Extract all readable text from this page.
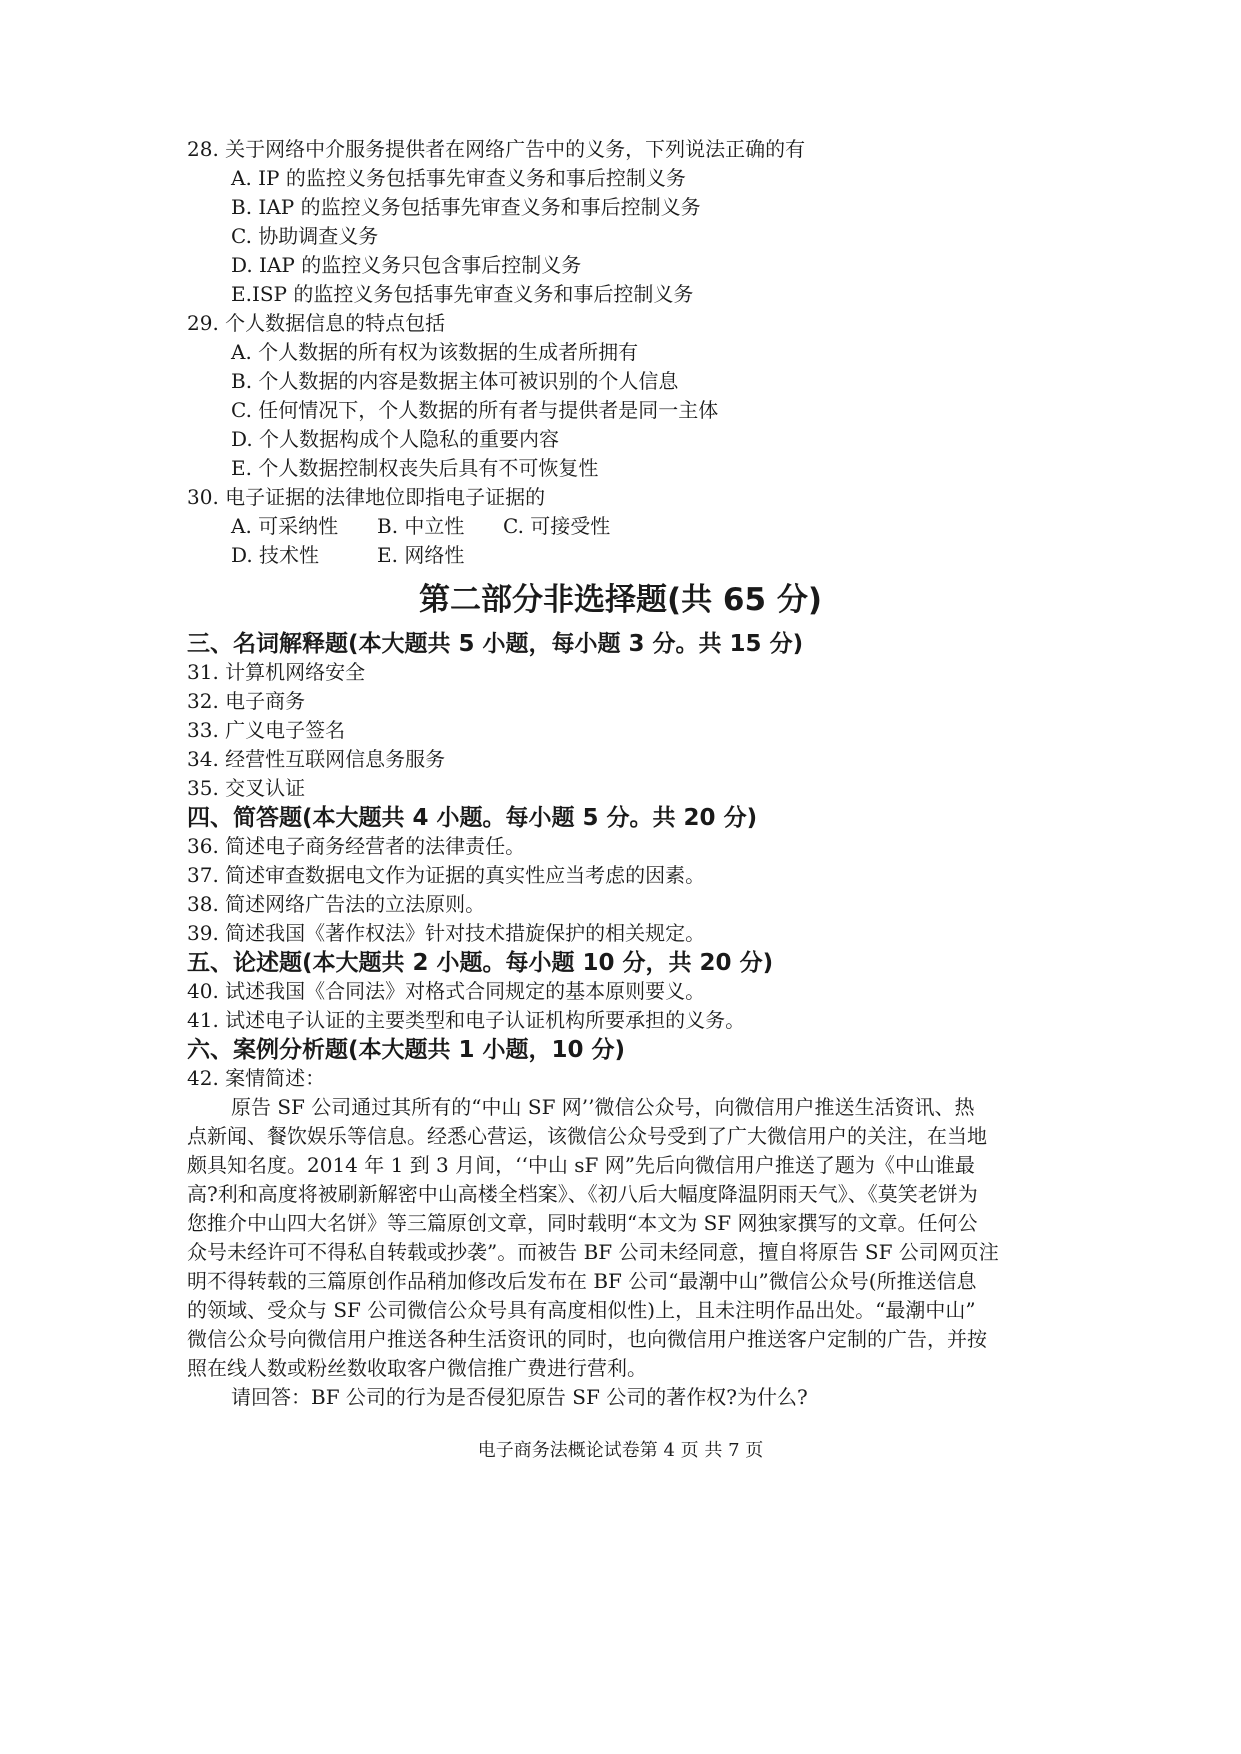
28. 关于网络中介服务提供者在网络广告中的义务，下列说法正确的有
A. IP 的监控义务包括事先审查义务和事后控制义务
B. IAP 的监控义务包括事先审查义务和事后控制义务
C. 协助调查义务
D. IAP 的监控义务只包含事后控制义务
E.ISP 的监控义务包括事先审查义务和事后控制义务
29. 个人数据信息的特点包括
A. 个人数据的所有权为该数据的生成者所拥有
B. 个人数据的内容是数据主体可被识别的个人信息
C. 任何情况下，个人数据的所有者与提供者是同一主体
D. 个人数据构成个人隐私的重要内容
E. 个人数据控制权丧失后具有不可恢复性
30. 电子证据的法律地位即指电子证据的
A. 可采纳性 B. 中立性 C. 可接受性
D. 技术性	E. 网络性
第二部分非选择题(共 65 分)
三、名词解释题(本大题共 5 小题，每小题 3 分。共 15 分)
31. 计算机网络安全
32. 电子商务
33. 广义电子签名
34. 经营性互联网信息务服务
35. 交叉认证
四、简答题(本大题共 4 小题。每小题 5 分。共 20 分)
36. 简述电子商务经营者的法律责任。
37. 简述审查数据电文作为证据的真实性应当考虑的因素。
38. 简述网络广告法的立法原则。
39. 简述我国《著作权法》针对技术措旋保护的相关规定。
五、论述题(本大题共 2 小题。每小题 10 分，共 20 分)
40. 试述我国《合同法》对格式合同规定的基本原则要义。
41. 试述电子认证的主要类型和电子认证机构所要承担的义务。
六、案例分析题(本大题共 1 小题，10 分)
42. 案情简述：
原告 SF 公司通过其所有的“中山 SF 网’’微信公众号，向微信用户推送生活资讯、热
点新闻、餐饮娱乐等信息。经悉心营运，该微信公众号受到了广大微信用户的关注，在当地
颇具知名度。2014 年 1 到 3 月间，‘‘中山 sF 网”先后向微信用户推送了题为《中山谁最
高?利和高度将被刷新解密中山高楼全档案》、《初八后大幅度降温阴雨天气》、《莫笑老饼为
您推介中山四大名饼》等三篇原创文章，同时载明“本文为 SF 网独家撰写的文章。任何公
众号未经许可不得私自转载或抄袭”。而被告 BF 公司未经同意，擅自将原告 SF 公司网页注
明不得转载的三篇原创作品稍加修改后发布在 BF 公司“最潮中山”微信公众号(所推送信息
的领域、受众与 SF 公司微信公众号具有高度相似性)上，且未注明作品出处。“最潮中山”
微信公众号向微信用户推送各种生活资讯的同时，也向微信用户推送客户定制的广告，并按
照在线人数或粉丝数收取客户微信推广费进行营利。
请回答：BF 公司的行为是否侵犯原告 SF 公司的著作权?为什么?
电子商务法概论试卷第 4 页 共 7 页
